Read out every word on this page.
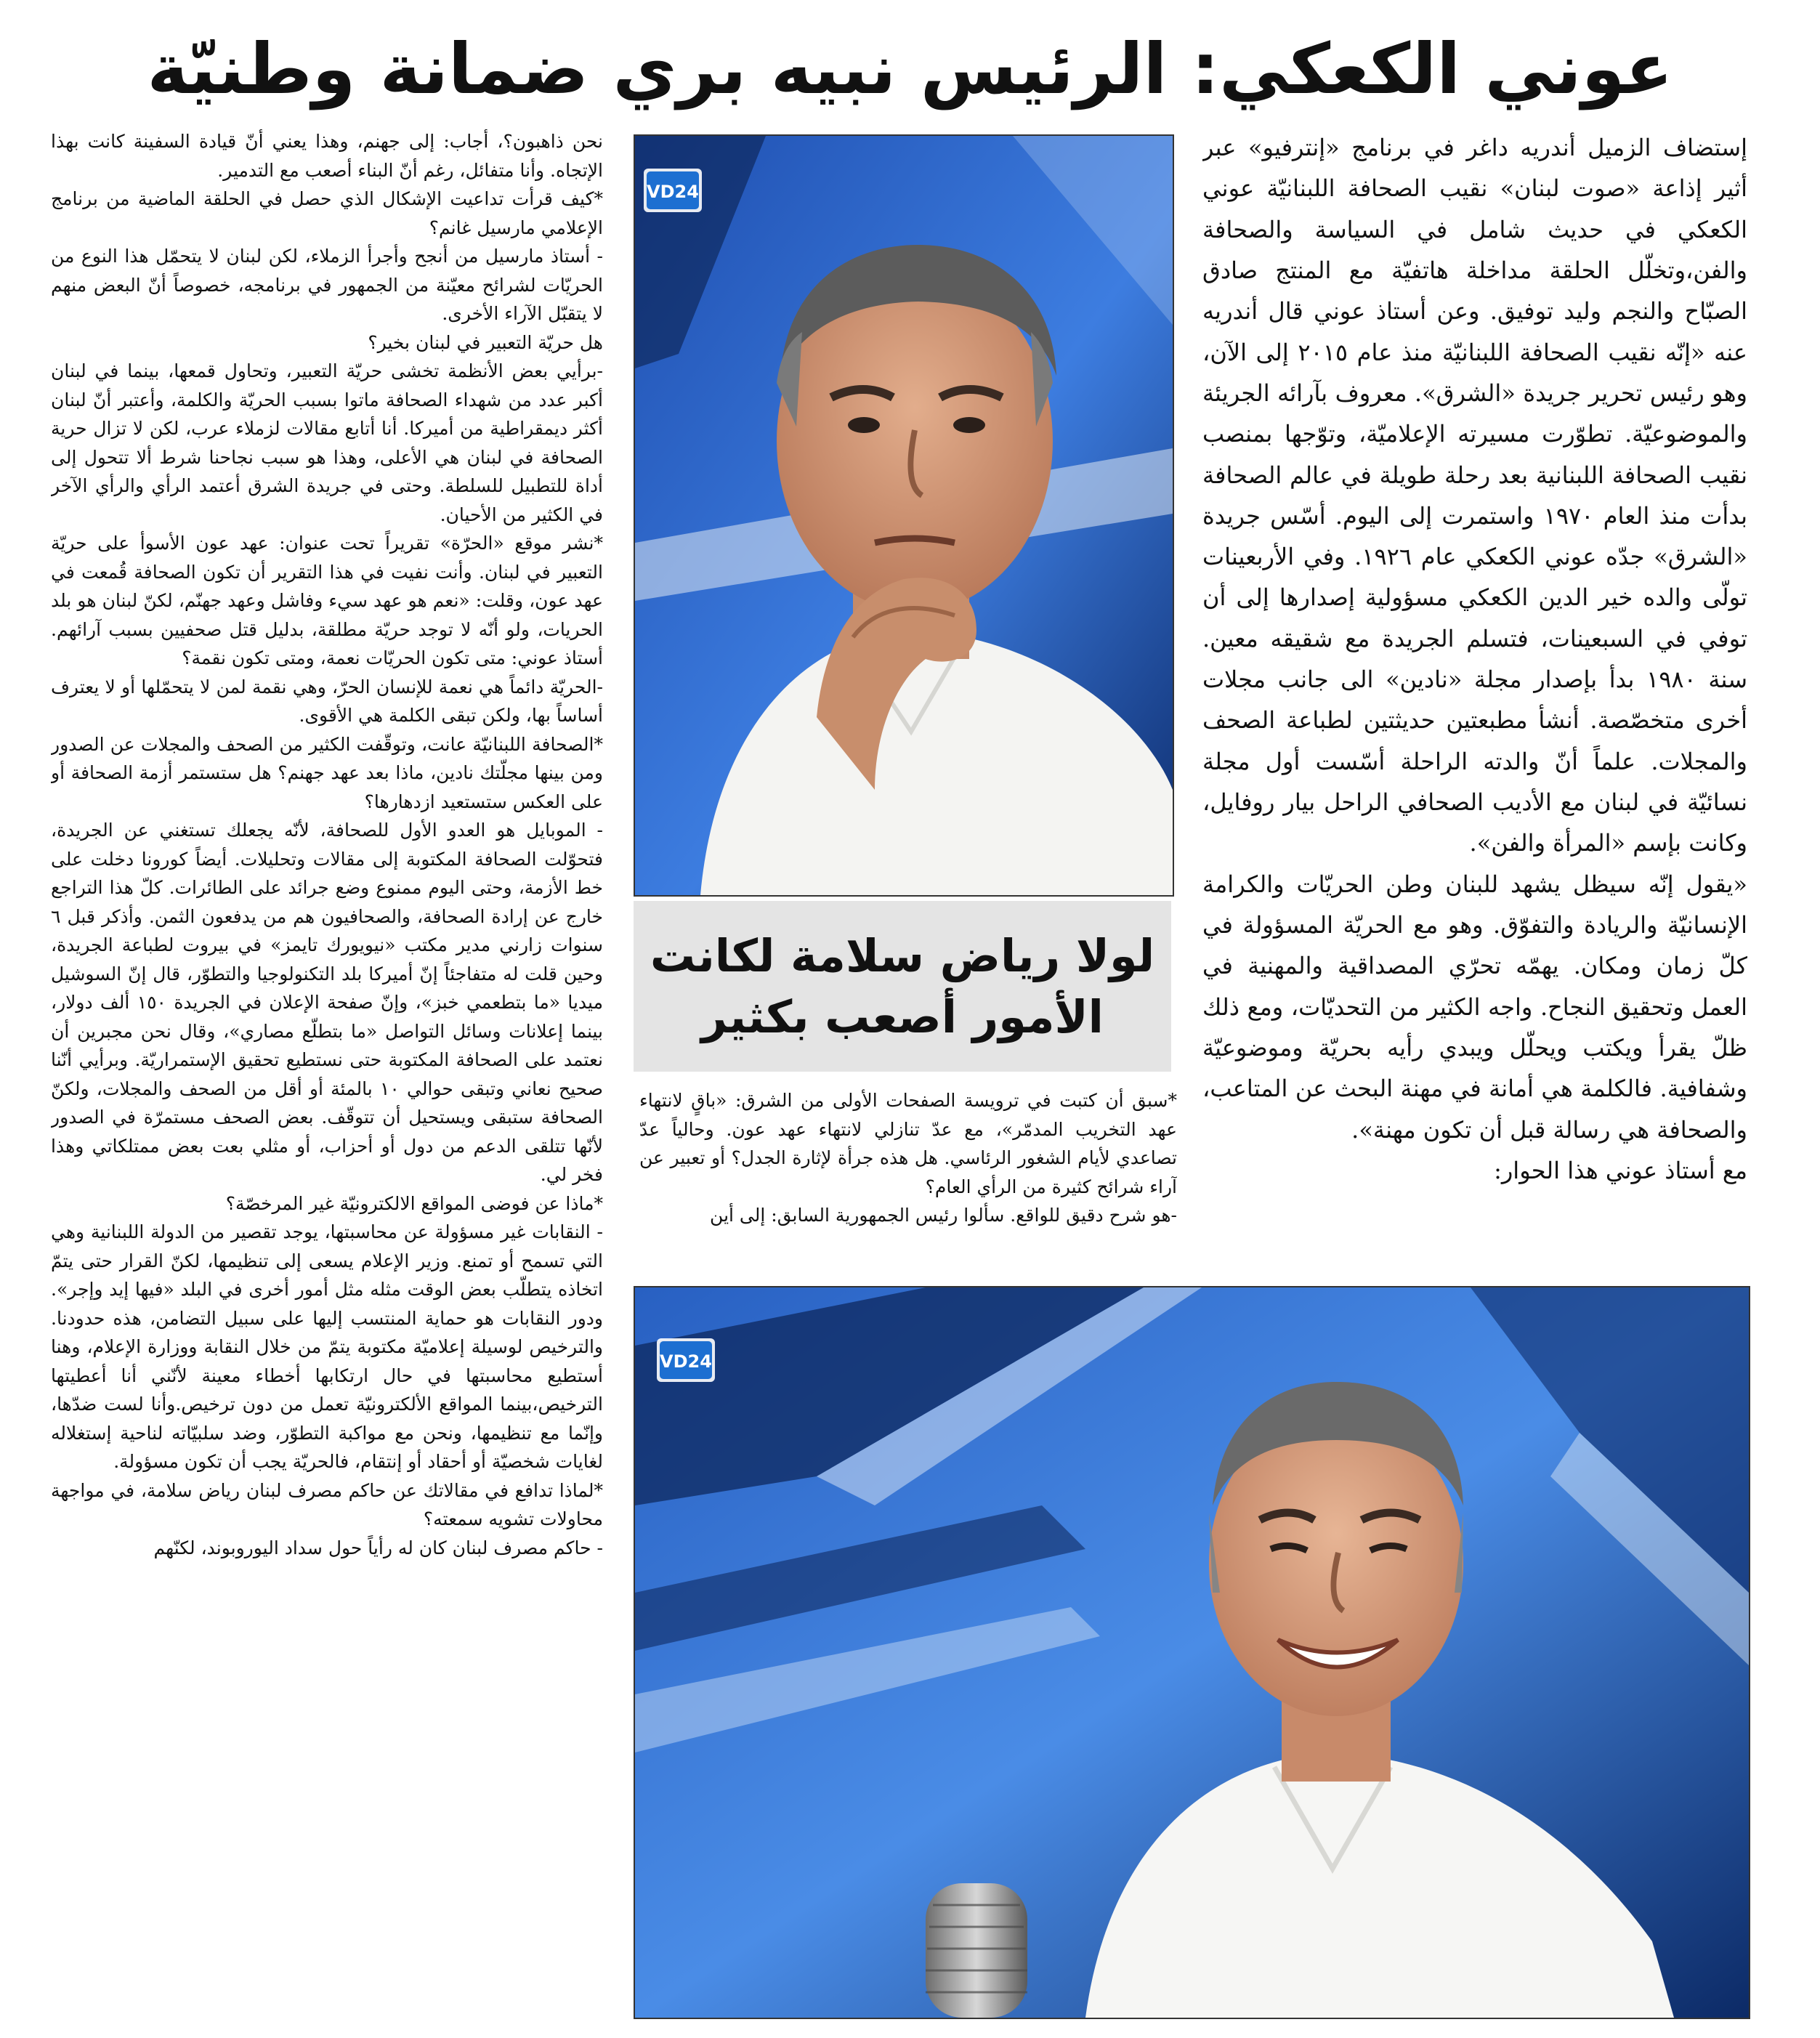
عوني الكعكي: الرئيس نبيه بري ضمانة وطنيّة

إستضاف الزميل أندريه داغر في برنامج «إنترفيو» عبر أثير إذاعة «صوت لبنان» نقيب الصحافة اللبنانيّة عوني الكعكي في حديث شامل في السياسة والصحافة والفن،وتخلّل الحلقة مداخلة هاتفيّة مع المنتج صادق الصبّاح والنجم وليد توفيق. وعن أستاذ عوني قال أندريه عنه «إنّه نقيب الصحافة اللبنانيّة منذ عام ٢٠١٥ إلى الآن، وهو رئيس تحرير جريدة «الشرق». معروف بآرائه الجريئة والموضوعيّة. تطوّرت مسيرته الإعلاميّة، وتوّجها بمنصب نقيب الصحافة اللبنانية بعد رحلة طويلة في عالم الصحافة بدأت منذ العام ١٩٧٠ واستمرت إلى اليوم. أسّس جريدة «الشرق» جدّه عوني الكعكي عام ١٩٢٦. وفي الأربعينات تولّى والده خير الدين الكعكي مسؤولية إصدارها إلى أن توفي في السبعينات، فتسلم الجريدة مع شقيقه معين. سنة ١٩٨٠ بدأ بإصدار مجلة «نادين» الى جانب مجلات أخرى متخصّصة. أنشأ مطبعتين حديثتين لطباعة الصحف والمجلات. علماً أنّ والدته الراحلة أسّست أول مجلة نسائيّة في لبنان مع الأديب الصحافي الراحل بيار روفايل، وكانت بإسم «المرأة والفن».

«يقول إنّه سيظل يشهد للبنان وطن الحريّات والكرامة الإنسانيّة والريادة والتفوّق. وهو مع الحريّة المسؤولة في كلّ زمان ومكان. يهمّه تحرّي المصداقية والمهنية في العمل وتحقيق النجاح. واجه الكثير من التحديّات، ومع ذلك ظلّ يقرأ ويكتب ويحلّل ويبدي رأيه بحريّة وموضوعيّة وشفافية. فالكلمة هي أمانة في مهنة البحث عن المتاعب، والصحافة هي رسالة قبل أن تكون مهنة».

مع أستاذ عوني هذا الحوار:

VD24
لولا رياض سلامة لكانت الأمور أصعب بكثير

*سبق أن كتبت في ترويسة الصفحات الأولى من الشرق: «باقٍ لانتهاء عهد التخريب المدمّر»، مع عدّ تنازلي لانتهاء عهد عون. وحالياً عدّ تصاعدي لأيام الشغور الرئاسي. هل هذه جرأة لإثارة الجدل؟ أو تعبير عن آراء شرائح كثيرة من الرأي العام؟

-هو شرح دقيق للواقع. سألوا رئيس الجمهورية السابق: إلى أين

نحن ذاهبون؟، أجاب: إلى جهنم، وهذا يعني أنّ قيادة السفينة كانت بهذا الإتجاه. وأنا متفائل، رغم أنّ البناء أصعب مع التدمير.

*كيف قرأت تداعيت الإشكال الذي حصل في الحلقة الماضية من برنامج الإعلامي مارسيل غانم؟

- أستاذ مارسيل من أنجح وأجرأ الزملاء، لكن لبنان لا يتحمّل هذا النوع من الحريّات لشرائح معيّنة من الجمهور في برنامجه، خصوصاً أنّ البعض منهم لا يتقبّل الآراء الأخرى.

هل حريّة التعبير في لبنان بخير؟

-برأيي بعض الأنظمة تخشى حريّة التعبير، وتحاول قمعها، بينما في لبنان أكبر عدد من شهداء الصحافة ماتوا بسبب الحريّة والكلمة، وأعتبر أنّ لبنان أكثر ديمقراطية من أميركا. أنا أتابع مقالات لزملاء عرب، لكن لا تزال حرية الصحافة في لبنان هي الأعلى، وهذا هو سبب نجاحنا شرط ألا تتحول إلى أداة للتطبيل للسلطة. وحتى في جريدة الشرق أعتمد الرأي والرأي الآخر في الكثير من الأحيان.

*نشر موقع «الحرّة» تقريراً تحت عنوان: عهد عون الأسوأ على حريّة التعبير في لبنان. وأنت نفيت في هذا التقرير أن تكون الصحافة قُمعت في عهد عون، وقلت: «نعم هو عهد سيء وفاشل وعهد جهنّم، لكنّ لبنان هو بلد الحريات، ولو أنّه لا توجد حريّة مطلقة، بدليل قتل صحفيين بسبب آرائهم. أستاذ عوني: متى تكون الحريّات نعمة، ومتى تكون نقمة؟

-الحريّة دائماً هي نعمة للإنسان الحرّ، وهي نقمة لمن لا يتحمّلها أو لا يعترف أساساً بها، ولكن تبقى الكلمة هي الأقوى.

*الصحافة اللبنانيّة عانت، وتوقّفت الكثير من الصحف والمجلات عن الصدور ومن بينها مجلّتك نادين، ماذا بعد عهد جهنم؟ هل ستستمر أزمة الصحافة أو على العكس ستستعيد ازدهارها؟

- الموبايل هو العدو الأول للصحافة، لأنّه يجعلك تستغني عن الجريدة، فتحوّلت الصحافة المكتوبة إلى مقالات وتحليلات. أيضاً كورونا دخلت على خط الأزمة، وحتى اليوم ممنوع وضع جرائد على الطائرات. كلّ هذا التراجع خارج عن إرادة الصحافة، والصحافيون هم من يدفعون الثمن. وأذكر قبل ٦ سنوات زارني مدير مكتب «نيويورك تايمز» في بيروت لطباعة الجريدة، وحين قلت له متفاجئاً إنّ أميركا بلد التكنولوجيا والتطوّر، قال إنّ السوشيل ميديا «ما بتطعمي خبز»، وإنّ صفحة الإعلان في الجريدة ١٥٠ ألف دولار، بينما إعلانات وسائل التواصل «ما بتطلّع مصاري»، وقال نحن مجبرين أن نعتمد على الصحافة المكتوبة حتى نستطيع تحقيق الإستمراريّة. وبرأيي أنّنا صحيح نعاني وتبقى حوالي ١٠ بالمئة أو أقل من الصحف والمجلات، ولكنّ الصحافة ستبقى ويستحيل أن تتوقّف. بعض الصحف مستمرّة في الصدور لأنّها تتلقى الدعم من دول أو أحزاب، أو مثلي بعت بعض ممتلكاتي وهذا فخر لي.

*ماذا عن فوضى المواقع الالكترونيّة غير المرخصّة؟

- النقابات غير مسؤولة عن محاسبتها، يوجد تقصير من الدولة اللبنانية وهي التي تسمح أو تمنع. وزير الإعلام يسعى إلى تنظيمها، لكنّ القرار حتى يتمّ اتخاذه يتطلّب بعض الوقت مثله مثل أمور أخرى في البلد «فيها إيد وإجر». ودور النقابات هو حماية المنتسب إليها على سبيل التضامن، هذه حدودنا. والترخيص لوسيلة إعلاميّة مكتوبة يتمّ من خلال النقابة ووزارة الإعلام، وهنا أستطيع محاسبتها في حال ارتكابها أخطاء معينة لأنّني أنا أعطيتها الترخيص،بينما المواقع الألكترونيّة تعمل من دون ترخيص.وأنا لست ضدّها، وإنّما مع تنظيمها، ونحن مع مواكبة التطوّر، وضد سلبيّاته لناحية إستغلاله لغايات شخصيّة أو أحقاد أو إنتقام، فالحريّة يجب أن تكون مسؤولة.

*لماذا تدافع في مقالاتك عن حاكم مصرف لبنان رياض سلامة، في مواجهة محاولات تشويه سمعته؟

- حاكم مصرف لبنان كان له رأياً حول سداد اليوروبوند، لكنّهم

VD24
